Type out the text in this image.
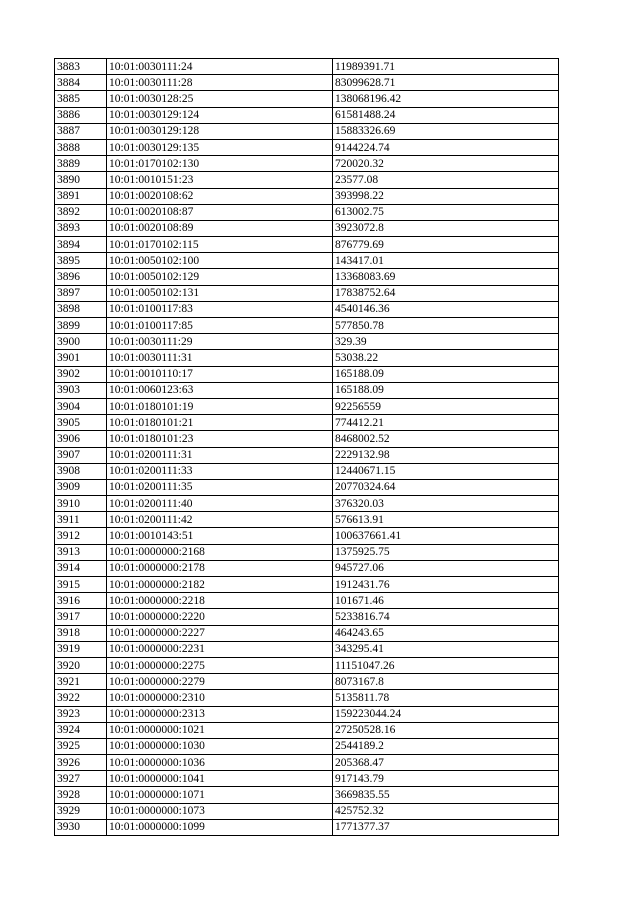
3883	10:01:0030111:24	11989391.71
3884	10:01:0030111:28	83099628.71
3885	10:01:0030128:25	138068196.42
3886	10:01:0030129:124	61581488.24
3887	10:01:0030129:128	15883326.69
3888	10:01:0030129:135	9144224.74
3889	10:01:0170102:130	720020.32
3890	10:01:0010151:23	23577.08
3891	10:01:0020108:62	393998.22
3892	10:01:0020108:87	613002.75
3893	10:01:0020108:89	3923072.8
3894	10:01:0170102:115	876779.69
3895	10:01:0050102:100	143417.01
3896	10:01:0050102:129	13368083.69
3897	10:01:0050102:131	17838752.64
3898	10:01:0100117:83	4540146.36
3899	10:01:0100117:85	577850.78
3900	10:01:0030111:29	329.39
3901	10:01:0030111:31	53038.22
3902	10:01:0010110:17	165188.09
3903	10:01:0060123:63	165188.09
3904	10:01:0180101:19	92256559
3905	10:01:0180101:21	774412.21
3906	10:01:0180101:23	8468002.52
3907	10:01:0200111:31	2229132.98
3908	10:01:0200111:33	12440671.15
3909	10:01:0200111:35	20770324.64
3910	10:01:0200111:40	376320.03
3911	10:01:0200111:42	576613.91
3912	10:01:0010143:51	100637661.41
3913	10:01:0000000:2168	1375925.75
3914	10:01:0000000:2178	945727.06
3915	10:01:0000000:2182	1912431.76
3916	10:01:0000000:2218	101671.46
3917	10:01:0000000:2220	5233816.74
3918	10:01:0000000:2227	464243.65
3919	10:01:0000000:2231	343295.41
3920	10:01:0000000:2275	11151047.26
3921	10:01:0000000:2279	8073167.8
3922	10:01:0000000:2310	5135811.78
3923	10:01:0000000:2313	159223044.24
3924	10:01:0000000:1021	27250528.16
3925	10:01:0000000:1030	2544189.2
3926	10:01:0000000:1036	205368.47
3927	10:01:0000000:1041	917143.79
3928	10:01:0000000:1071	3669835.55
3929	10:01:0000000:1073	425752.32
3930	10:01:0000000:1099	1771377.37
